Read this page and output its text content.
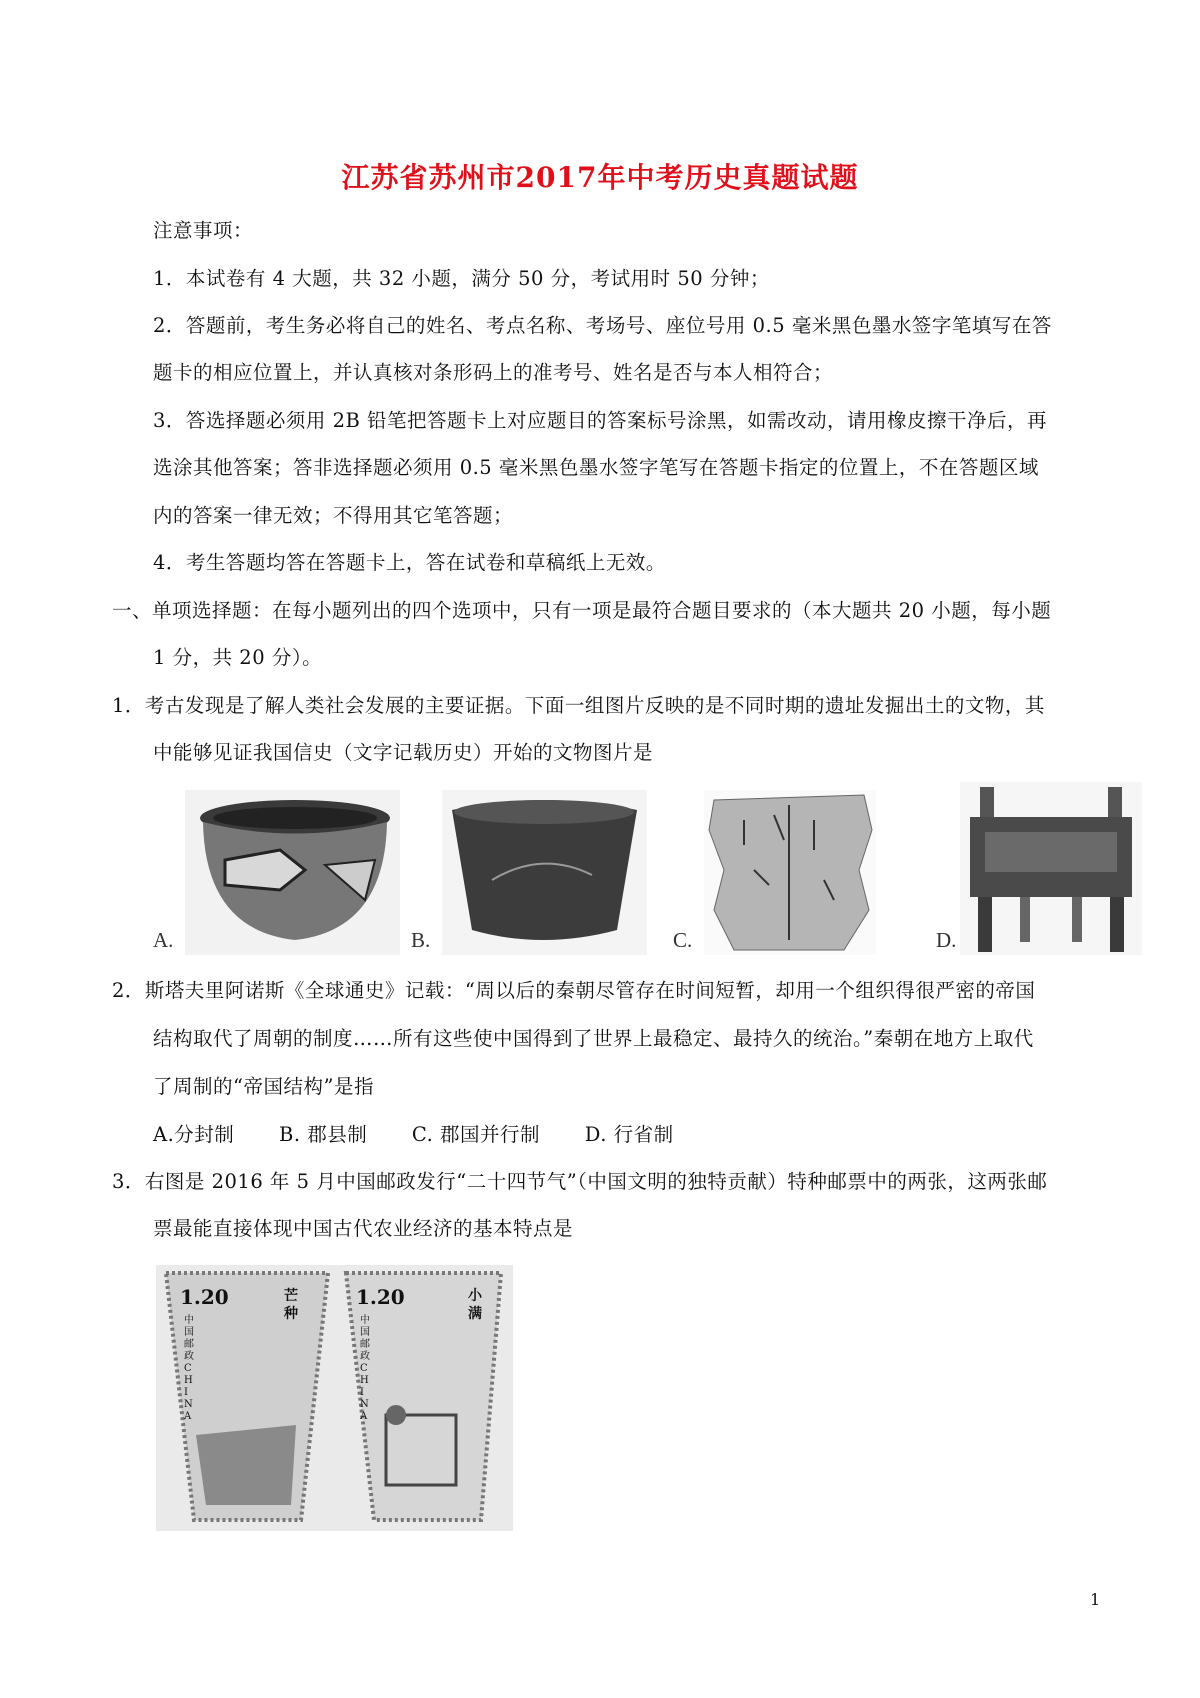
江苏省苏州市2017年中考历史真题试题
注意事项：
1．本试卷有 4 大题，共 32 小题，满分 50 分，考试用时 50 分钟；
2．答题前，考生务必将自己的姓名、考点名称、考场号、座位号用 0.5 毫米黑色墨水签字笔填写在答
题卡的相应位置上，并认真核对条形码上的准考号、姓名是否与本人相符合；
3．答选择题必须用 2B 铅笔把答题卡上对应题目的答案标号涂黑，如需改动，请用橡皮擦干净后，再
选涂其他答案；答非选择题必须用 0.5 毫米黑色墨水签字笔写在答题卡指定的位置上，不在答题区域
内的答案一律无效；不得用其它笔答题；
4．考生答题均答在答题卡上，答在试卷和草稿纸上无效。
一、单项选择题：在每小题列出的四个选项中，只有一项是最符合题目要求的（本大题共 20 小题，每小题
1 分，共 20 分）。
1．考古发现是了解人类社会发展的主要证据。下面一组图片反映的是不同时期的遗址发掘出土的文物，其
中能够见证我国信史（文字记载历史）开始的文物图片是
A.	B.	C.	D.
2．斯塔夫里阿诺斯《全球通史》记载：“周以后的秦朝尽管存在时间短暂，却用一个组织得很严密的帝国
结构取代了周朝的制度……所有这些使中国得到了世界上最稳定、最持久的统治。”秦朝在地方上取代
了周制的“帝国结构”是指
A.分封制 B. 郡县制 C. 郡国并行制 D. 行省制
3．右图是 2016 年 5 月中国邮政发行“二十四节气”（中国文明的独特贡献）特种邮票中的两张，这两张邮
票最能直接体现中国古代农业经济的基本特点是
1.20	芒种
中国邮政 CHINA
1.20	小满
中国邮政 CHINA
1
